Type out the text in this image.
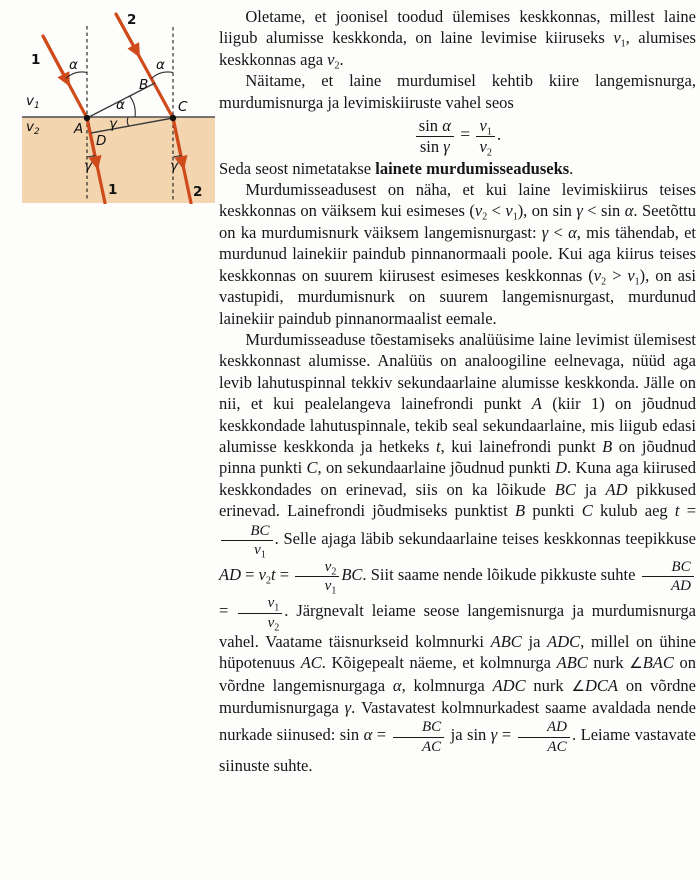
1
2
α	α
B
α
γ
A
C
D
$v_1$
$v_2$
γ	γ
1	2

Oletame, et joonisel toodud ülemises keskkonnas, millest laine liigub alumisse keskkonda, on laine levimise kiiruseks $v_1$, alumises keskkonnas aga $v_2$.

Näitame, et laine murdumisel kehtib kiire langemisnurga, murdumisnurga ja levimiskiiruste vahel seos

$\frac{\text{sin α}}{\text{sin γ}} = \frac{v_1}{v_2}$ .

Seda seost nimetatakse lainete murdumisseaduseks.

Murdumisseadusest on näha, et kui laine levimiskiirus teises keskkonnas on väiksem kui esimeses $(v_2 < v_1)$, on sin γ < sin α. Seetõttu on ka murdumisnurk väiksem langemisnurgast: γ < α, mis tähendab, et murdunud lainekiir paindub pinnanormaali poole. Kui aga kiirus teises keskkonnas on suurem kiirusest esimeses keskkonnas $(v_2 > v_1)$, on asi vastupidi, murdumisnurk on suurem langemisnurgast, murdunud lainekiir paindub pinnanormaalist eemale.

Murdumisseaduse tõestamiseks analüüsime laine levimist ülemisest keskkonnast alumisse. Analüüs on analoogiline eelnevaga, nüüd aga levib lahutuspinnal tekkiv sekundaarlaine alumisse keskkonda. Jälle on nii, et kui pealelangeva lainefrondi punkt A (kiir 1) on jõudnud keskkondade lahutuspinnale, tekib seal sekundaarlaine, mis liigub edasi alumisse keskkonda ja hetkeks t, kui lainefrondi punkt B on jõudnud pinna punkti C, on sekundaarlaine jõudnud punkti D. Kuna aga kiirused keskkondades on erinevad, siis on ka lõikude BC ja AD pikkused erinevad. Lainefrondi jõudmiseks punktist B punkti C kulub aeg t =
$\frac{BC}{v_1}$ . Selle ajaga läbib sekundaarlaine teises keskkonnas teepikkuse AD = $v_2t = \frac{v_2}{v_1}$ BC. Siit saame nende lõikude pikkuste suhte $\frac{BC}{AD}$
= $\frac{v_1}{v_2}$ . Järgnevalt leiame seose langemisnurga ja murdumisnurga vahel. Vaatame täisnurkseid kolmnurki ABC ja ADC, millel on ühine hüpotenuus AC. Kõigepealt näeme, et kolmnurga ABC nurk ∠BAC on võrdne langemisnurgaga α, kolmnurga ADC nurk ∠DCA on võrdne murdumisnurgaga γ. Vastavatest kolmnurkadest saame avaldada nende nurkade siinused: $\sin \alpha = \frac{BC}{AC}$ ja $\sin \gamma = \frac{AD}{AC}$ . Leiame vastavate siinuste suhte.
